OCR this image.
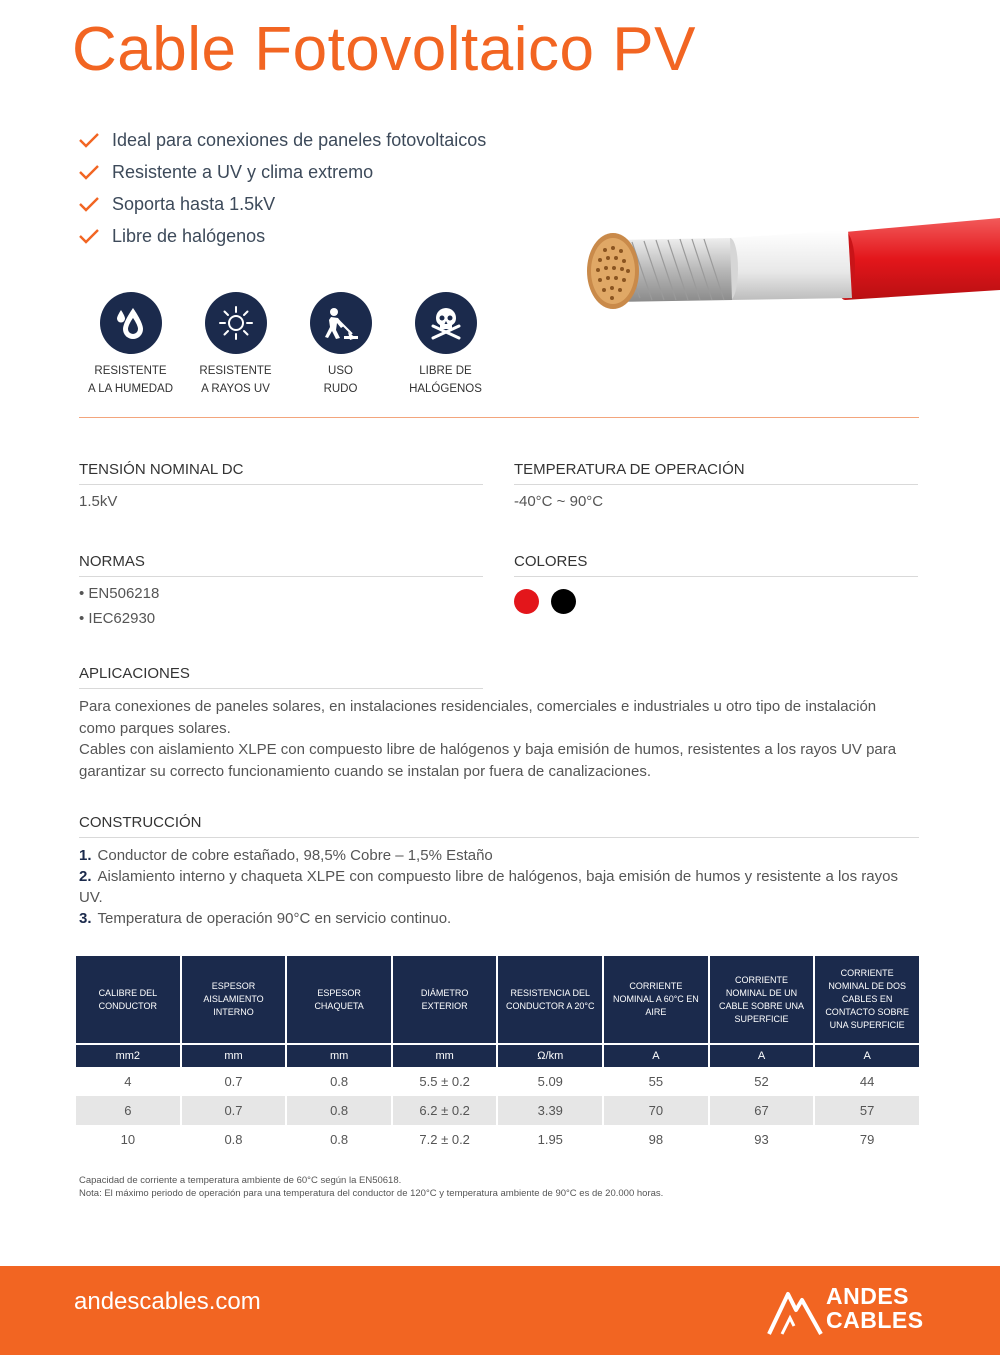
Cable Fotovoltaico PV
Ideal para conexiones de paneles fotovoltaicos
Resistente a UV y clima extremo
Soporta hasta 1.5kV
Libre de halógenos
RESISTENTE
A LA HUMEDAD
RESISTENTE
A RAYOS UV
USO
RUDO
LIBRE DE
HALÓGENOS
TENSIÓN NOMINAL DC
1.5kV
TEMPERATURA DE OPERACIÓN
-40°C ~ 90°C
NORMAS
• EN506218
• IEC62930
COLORES
APLICACIONES

Para conexiones de paneles solares, en instalaciones residenciales, comerciales e industriales u otro tipo de instalación como parques solares.

Cables con aislamiento XLPE con compuesto libre de halógenos y baja emisión de humos, resistentes a los rayos UV para garantizar su correcto funcionamiento cuando se instalan por fuera de canalizaciones.

CONSTRUCCIÓN
1. Conductor de cobre estañado, 98,5% Cobre – 1,5% Estaño
2. Aislamiento interno y chaqueta XLPE con compuesto libre de halógenos, baja emisión de humos y resistente a los rayos UV.
3. Temperatura de operación 90°C en servicio continuo.
CALIBRE DEL CONDUCTOR	ESPESOR AISLAMIENTO INTERNO	ESPESOR CHAQUETA	DIÁMETRO EXTERIOR	RESISTENCIA DEL CONDUCTOR A 20°C	CORRIENTE NOMINAL A 60°C EN AIRE	CORRIENTE NOMINAL DE UN CABLE SOBRE UNA SUPERFICIE	CORRIENTE NOMINAL DE DOS CABLES EN CONTACTO SOBRE UNA SUPERFICIE
mm2	mm	mm	mm	Ω/km	A	A	A
4	0.7	0.8	5.5 ± 0.2	5.09	55	52	44
6	0.7	0.8	6.2 ± 0.2	3.39	70	67	57
10	0.8	0.8	7.2 ± 0.2	1.95	98	93	79
Capacidad de corriente a temperatura ambiente de 60°C según la EN50618.
Nota: El máximo periodo de operación para una temperatura del conductor de 120°C y temperatura ambiente de 90°C es de 20.000 horas.
andescables.com	ANDES
CABLES
